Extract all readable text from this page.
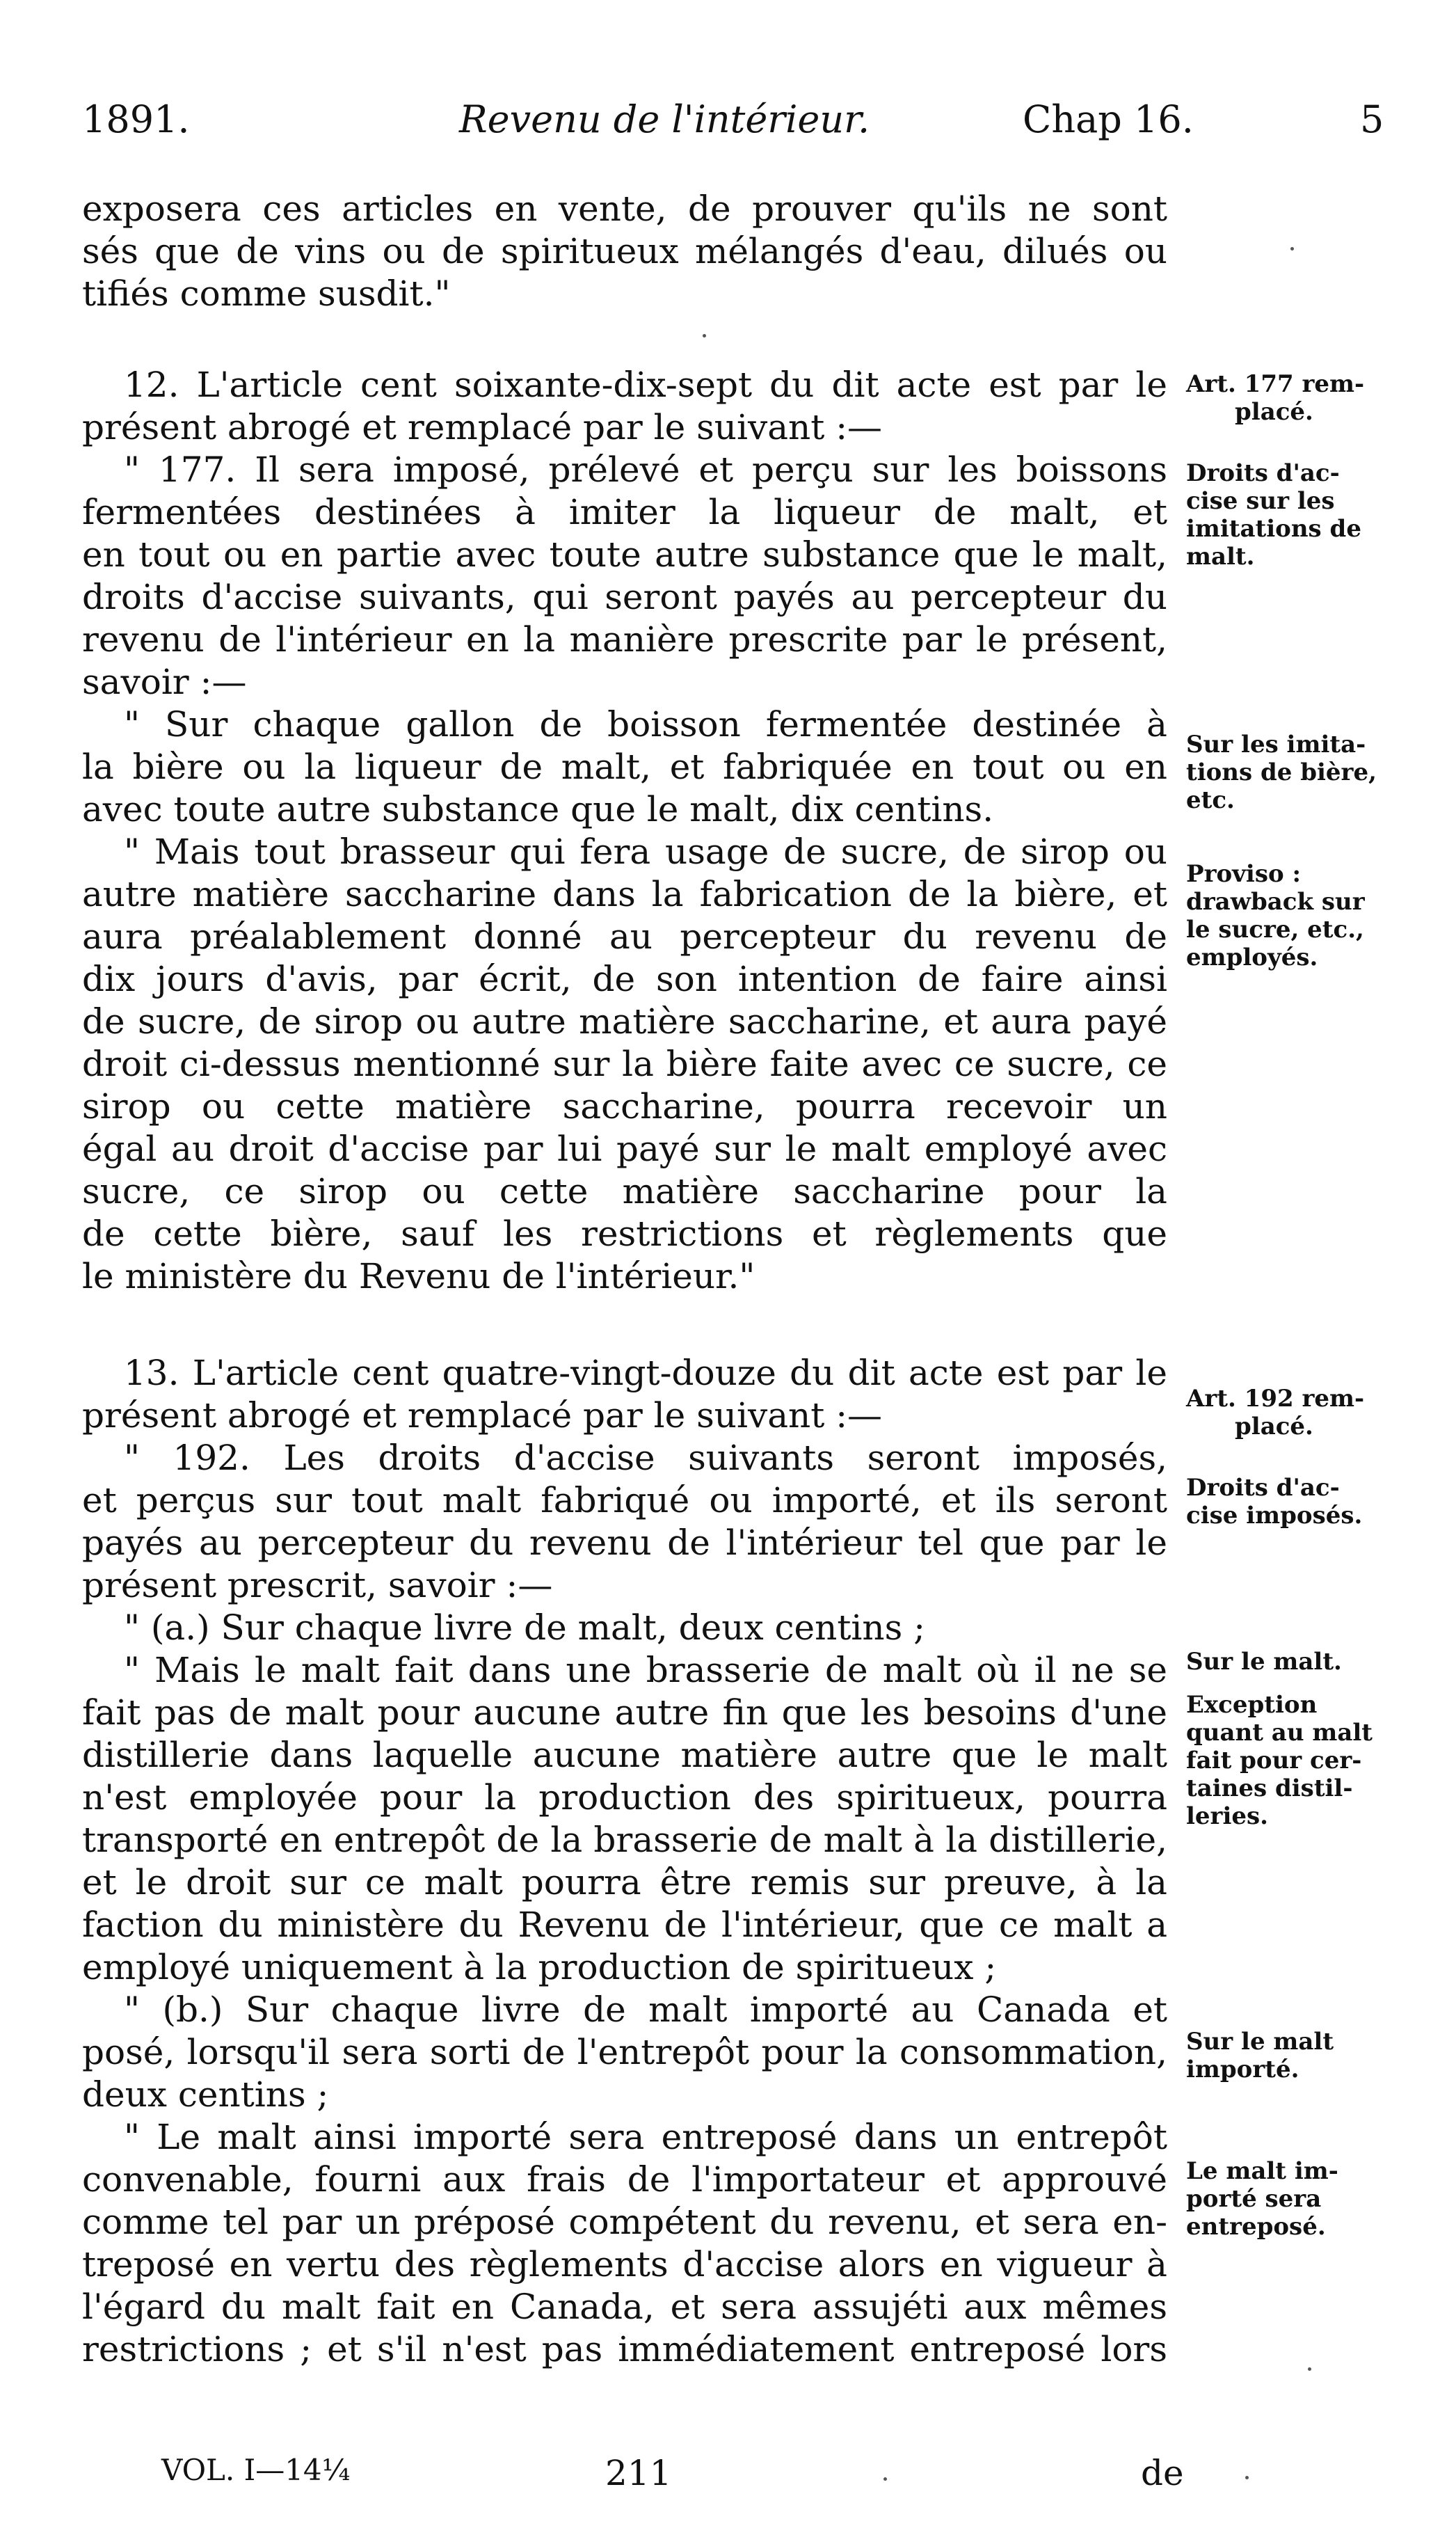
1891.	Revenu de l'intérieur.	Chap 16.	5
exposera ces articles en vente, de prouver qu'ils ne sont
sés que de vins ou de spiritueux mélangés d'eau, dilués ou
tifiés comme susdit."
12. L'article cent soixante-dix-sept du dit acte est par le
présent abrogé et remplacé par le suivant :—
" 177. Il sera imposé, prélevé et perçu sur les boissons
fermentées destinées à imiter la liqueur de malt, et
en tout ou en partie avec toute autre substance que le malt,
droits d'accise suivants, qui seront payés au percepteur du
revenu de l'intérieur en la manière prescrite par le présent,
savoir :—
" Sur chaque gallon de boisson fermentée destinée à
la bière ou la liqueur de malt, et fabriquée en tout ou en
avec toute autre substance que le malt, dix centins.
" Mais tout brasseur qui fera usage de sucre, de sirop ou
autre matière saccharine dans la fabrication de la bière, et
aura préalablement donné au percepteur du revenu de
dix jours d'avis, par écrit, de son intention de faire ainsi
de sucre, de sirop ou autre matière saccharine, et aura payé
droit ci-dessus mentionné sur la bière faite avec ce sucre, ce
sirop ou cette matière saccharine, pourra recevoir un
égal au droit d'accise par lui payé sur le malt employé avec
sucre, ce sirop ou cette matière saccharine pour la
de cette bière, sauf les restrictions et règlements que
le ministère du Revenu de l'intérieur."
13. L'article cent quatre-vingt-douze du dit acte est par le
présent abrogé et remplacé par le suivant :—
" 192. Les droits d'accise suivants seront imposés,
et perçus sur tout malt fabriqué ou importé, et ils seront
payés au percepteur du revenu de l'intérieur tel que par le
présent prescrit, savoir :—
" (a.) Sur chaque livre de malt, deux centins ;
" Mais le malt fait dans une brasserie de malt où il ne se
fait pas de malt pour aucune autre fin que les besoins d'une
distillerie dans laquelle aucune matière autre que le malt
n'est employée pour la production des spiritueux, pourra
transporté en entrepôt de la brasserie de malt à la distillerie,
et le droit sur ce malt pourra être remis sur preuve, à la
faction du ministère du Revenu de l'intérieur, que ce malt a
employé uniquement à la production de spiritueux ;
" (b.) Sur chaque livre de malt importé au Canada et
posé, lorsqu'il sera sorti de l'entrepôt pour la consommation,
deux centins ;
" Le malt ainsi importé sera entreposé dans un entrepôt
convenable, fourni aux frais de l'importateur et approuvé
comme tel par un préposé compétent du revenu, et sera en-
treposé en vertu des règlements d'accise alors en vigueur à
l'égard du malt fait en Canada, et sera assujéti aux mêmes
restrictions ; et s'il n'est pas immédiatement entreposé lors
Art. 177 rem-
placé.
Droits d'ac-
cise sur les
imitations de
malt.
Sur les imita-
tions de bière,
etc.
Proviso :
drawback sur
le sucre, etc.,
employés.
Art. 192 rem-
placé.
Droits d'ac-
cise imposés.
Sur le malt.
Exception
quant au malt
fait pour cer-
taines distil-
leries.
Sur le malt
importé.
Le malt im-
porté sera
entreposé.
VOL. I—14¼	211	de
